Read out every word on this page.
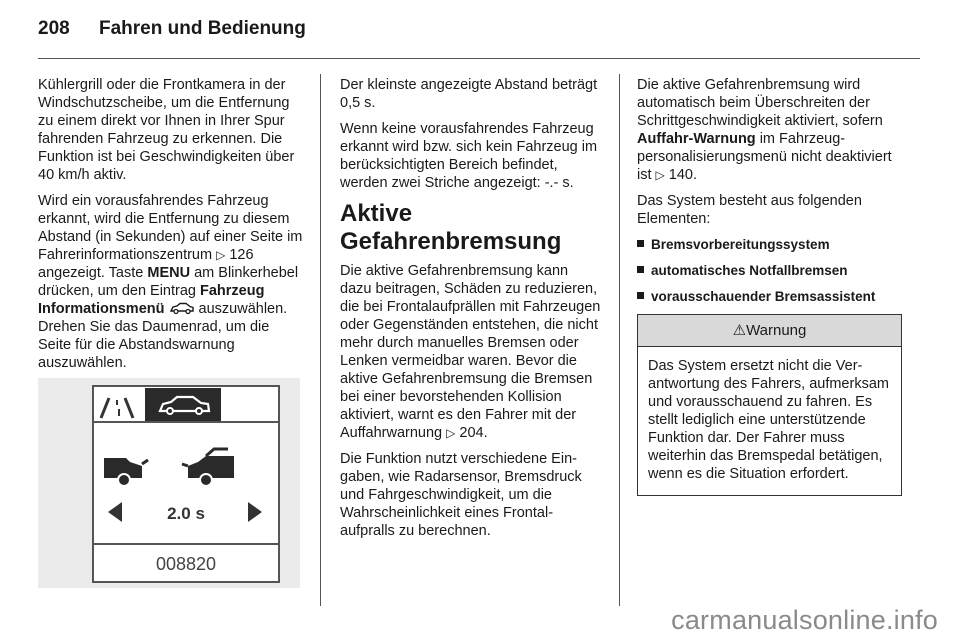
208 Fahren und Bedienung

Kühlergrill oder die Frontkamera in der Windschutzscheibe, um die Entfernung zu einem direkt vor Ihnen in Ihrer Spur fahrenden Fahrzeug zu erkennen. Die Funktion ist bei Geschwindigkeiten über 40 km/h aktiv.

Wird ein vorausfahrendes Fahrzeug erkannt, wird die Entfernung zu diesem Abstand (in Sekunden) auf einer Seite im Fahrerinformationszentrum ▷ 126 angezeigt. Taste MENU am Blinkerhebel drücken, um den Eintrag Fahrzeug Informationsmenü  auszuwählen. Drehen Sie das Daumenrad, um die Seite für die Abstandswarnung auszuwählen.

2.0 s
008820

Der kleinste angezeigte Abstand beträgt 0,5 s.

Wenn keine vorausfahrendes Fahrzeug erkannt wird bzw. sich kein Fahrzeug im berücksichtigten Bereich befindet, werden zwei Striche angezeigt: -.- s.

Aktive Gefahrenbremsung

Die aktive Gefahrenbremsung kann dazu beitragen, Schäden zu reduzieren, die bei Frontalaufprällen mit Fahrzeugen oder Gegenständen entstehen, die nicht mehr durch manuelles Bremsen oder Lenken vermeidbar waren. Bevor die aktive Gefahrenbremsung die Bremsen bei einer bevorstehenden Kollision aktiviert, warnt es den Fahrer mit der Auffahrwarnung ▷ 204.

Die Funktion nutzt verschiedene Eingaben, wie Radarsensor, Bremsdruck und Fahrgeschwindigkeit, um die Wahrscheinlichkeit eines Frontalaufpralls zu berechnen.

Die aktive Gefahrenbremsung wird automatisch beim Überschreiten der Schrittgeschwindigkeit aktiviert, sofern Auffahr-Warnung im Fahrzeugpersonalisierungsmenü nicht deaktiviert ist ▷ 140.

Das System besteht aus folgenden Elementen:

Bremsvorbereitungssystem
automatisches Notfallbremsen
vorausschauender Bremsassistent
⚠Warnung
Das System ersetzt nicht die Verantwortung des Fahrers, aufmerksam und vorausschauend zu fahren. Es stellt lediglich eine unterstützende Funktion dar. Der Fahrer muss weiterhin das Bremspedal betätigen, wenn es die Situation erfordert.
carmanualsonline.info
